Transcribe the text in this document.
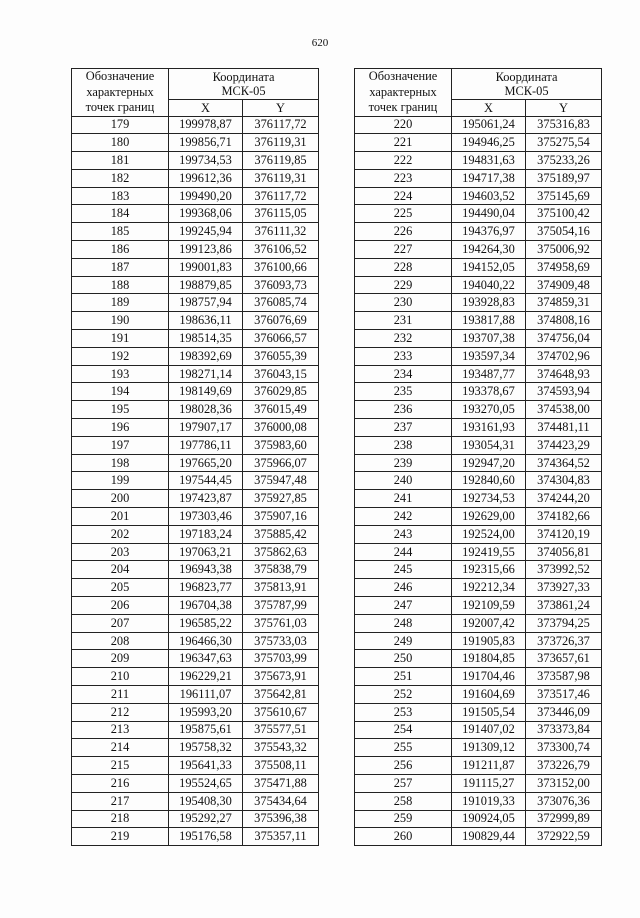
620
Обозначение
характерных
точек границ	Координата
МСК-05	
	X	Y
179	199978,87	376117,72
180	199856,71	376119,31
181	199734,53	376119,85
182	199612,36	376119,31
183	199490,20	376117,72
184	199368,06	376115,05
185	199245,94	376111,32
186	199123,86	376106,52
187	199001,83	376100,66
188	198879,85	376093,73
189	198757,94	376085,74
190	198636,11	376076,69
191	198514,35	376066,57
192	198392,69	376055,39
193	198271,14	376043,15
194	198149,69	376029,85
195	198028,36	376015,49
196	197907,17	376000,08
197	197786,11	375983,60
198	197665,20	375966,07
199	197544,45	375947,48
200	197423,87	375927,85
201	197303,46	375907,16
202	197183,24	375885,42
203	197063,21	375862,63
204	196943,38	375838,79
205	196823,77	375813,91
206	196704,38	375787,99
207	196585,22	375761,03
208	196466,30	375733,03
209	196347,63	375703,99
210	196229,21	375673,91
211	196111,07	375642,81
212	195993,20	375610,67
213	195875,61	375577,51
214	195758,32	375543,32
215	195641,33	375508,11
216	195524,65	375471,88
217	195408,30	375434,64
218	195292,27	375396,38
219	195176,58	375357,11
Обозначение
характерных
точек границ	Координата
МСК-05	
	X	Y
220	195061,24	375316,83
221	194946,25	375275,54
222	194831,63	375233,26
223	194717,38	375189,97
224	194603,52	375145,69
225	194490,04	375100,42
226	194376,97	375054,16
227	194264,30	375006,92
228	194152,05	374958,69
229	194040,22	374909,48
230	193928,83	374859,31
231	193817,88	374808,16
232	193707,38	374756,04
233	193597,34	374702,96
234	193487,77	374648,93
235	193378,67	374593,94
236	193270,05	374538,00
237	193161,93	374481,11
238	193054,31	374423,29
239	192947,20	374364,52
240	192840,60	374304,83
241	192734,53	374244,20
242	192629,00	374182,66
243	192524,00	374120,19
244	192419,55	374056,81
245	192315,66	373992,52
246	192212,34	373927,33
247	192109,59	373861,24
248	192007,42	373794,25
249	191905,83	373726,37
250	191804,85	373657,61
251	191704,46	373587,98
252	191604,69	373517,46
253	191505,54	373446,09
254	191407,02	373373,84
255	191309,12	373300,74
256	191211,87	373226,79
257	191115,27	373152,00
258	191019,33	373076,36
259	190924,05	372999,89
260	190829,44	372922,59
